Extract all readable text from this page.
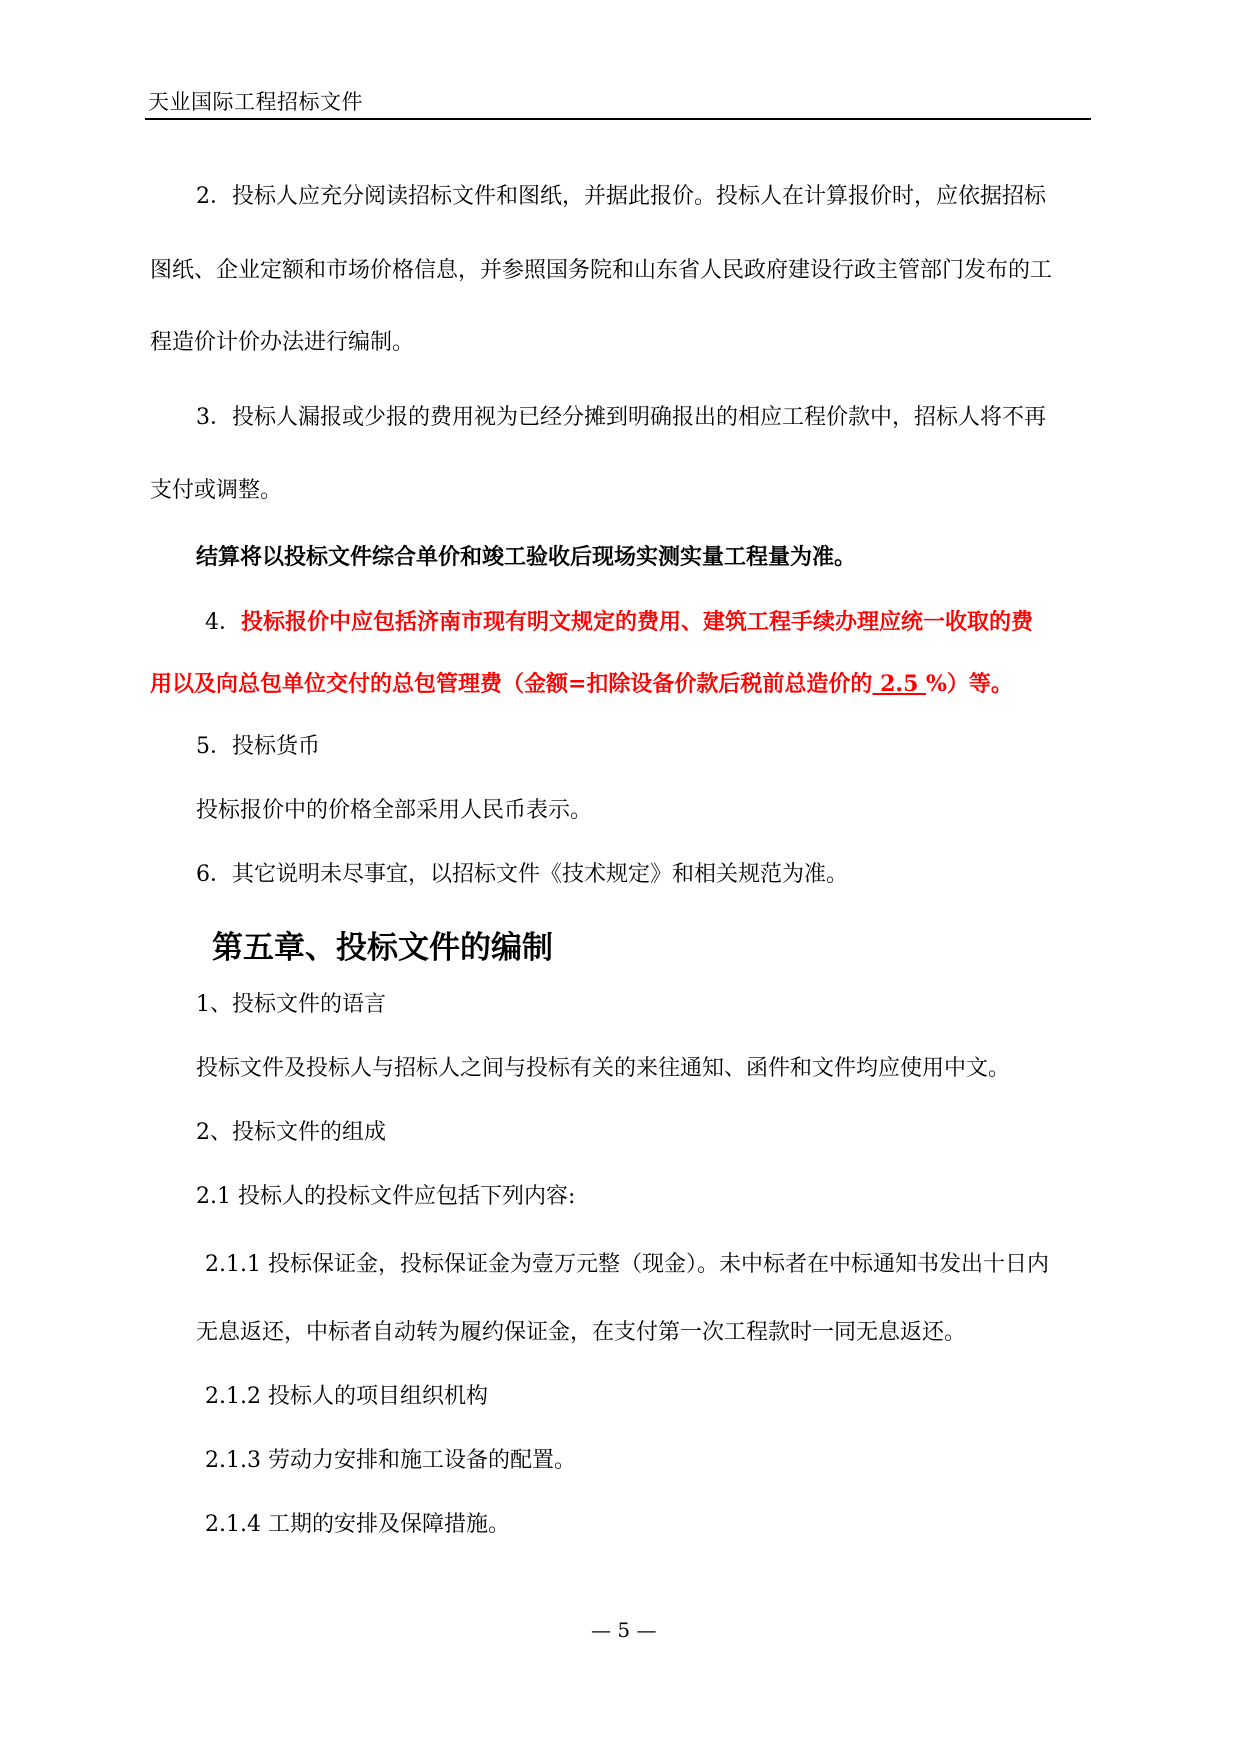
天业国际工程招标文件
2．投标人应充分阅读招标文件和图纸，并据此报价。投标人在计算报价时，应依据招标
图纸、企业定额和市场价格信息，并参照国务院和山东省人民政府建设行政主管部门发布的工
程造价计价办法进行编制。
3．投标人漏报或少报的费用视为已经分摊到明确报出的相应工程价款中，招标人将不再
支付或调整。
结算将以投标文件综合单价和竣工验收后现场实测实量工程量为准。
4．投标报价中应包括济南市现有明文规定的费用、建筑工程手续办理应统一收取的费
用以及向总包单位交付的总包管理费（金额=扣除设备价款后税前总造价的 2.5 %）等。
5．投标货币
投标报价中的价格全部采用人民币表示。
6．其它说明未尽事宜，以招标文件《技术规定》和相关规范为准。
第五章、投标文件的编制
1、投标文件的语言
投标文件及投标人与招标人之间与投标有关的来往通知、函件和文件均应使用中文。
2、投标文件的组成
2.1 投标人的投标文件应包括下列内容:
2.1.1 投标保证金，投标保证金为壹万元整（现金）。未中标者在中标通知书发出十日内
无息返还，中标者自动转为履约保证金，在支付第一次工程款时一同无息返还。
2.1.2 投标人的项目组织机构
2.1.3 劳动力安排和施工设备的配置。
2.1.4 工期的安排及保障措施。
— 5 —
